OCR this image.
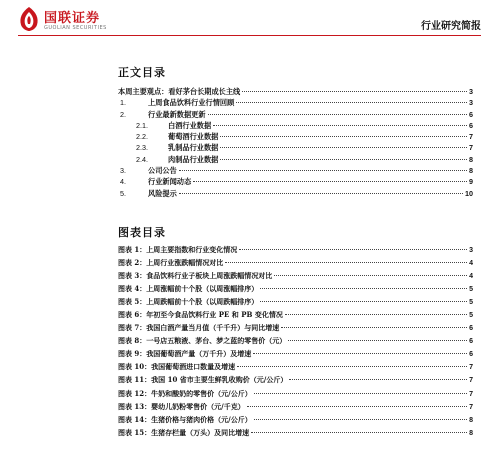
国联证券
GUOLIAN SECURITIES	行业研究简报
正文目录
本周主要观点：看好茅台长期成长主线	3
1.	上周食品饮料行业行情回顾	3
2.	行业最新数据更新	6
2.1.	白酒行业数据	6
2.2.	葡萄酒行业数据	7
2.3.	乳制品行业数据	7
2.4.	肉制品行业数据	8
3.	公司公告	8
4.	行业新闻动态	9
5.	风险提示	10
图表目录
图表 1：上周主要指数和行业变化情况	3
图表 2：上周行业涨跌幅情况对比	4
图表 3：食品饮料行业子板块上周涨跌幅情况对比	4
图表 4：上周涨幅前十个股（以周涨幅排序）	5
图表 5：上周跌幅前十个股（以周跌幅排序）	5
图表 6：年初至今食品饮料行业 PE 和 PB 变化情况	5
图表 7：我国白酒产量当月值（千千升）与同比增速	6
图表 8：一号店五粮液、茅台、梦之蓝的零售价（元）	6
图表 9：我国葡萄酒产量（万千升）及增速	6
图表 10：我国葡萄酒进口数量及增速	7
图表 11：我国 10 省市主要生鲜乳收购价（元/公斤）	7
图表 12：牛奶和酸奶的零售价（元/公斤）	7
图表 13：婴幼儿奶粉零售价（元/千克）	7
图表 14：生猪价格与猪肉价格（元/公斤）	8
图表 15：生猪存栏量（万头）及同比增速	8
